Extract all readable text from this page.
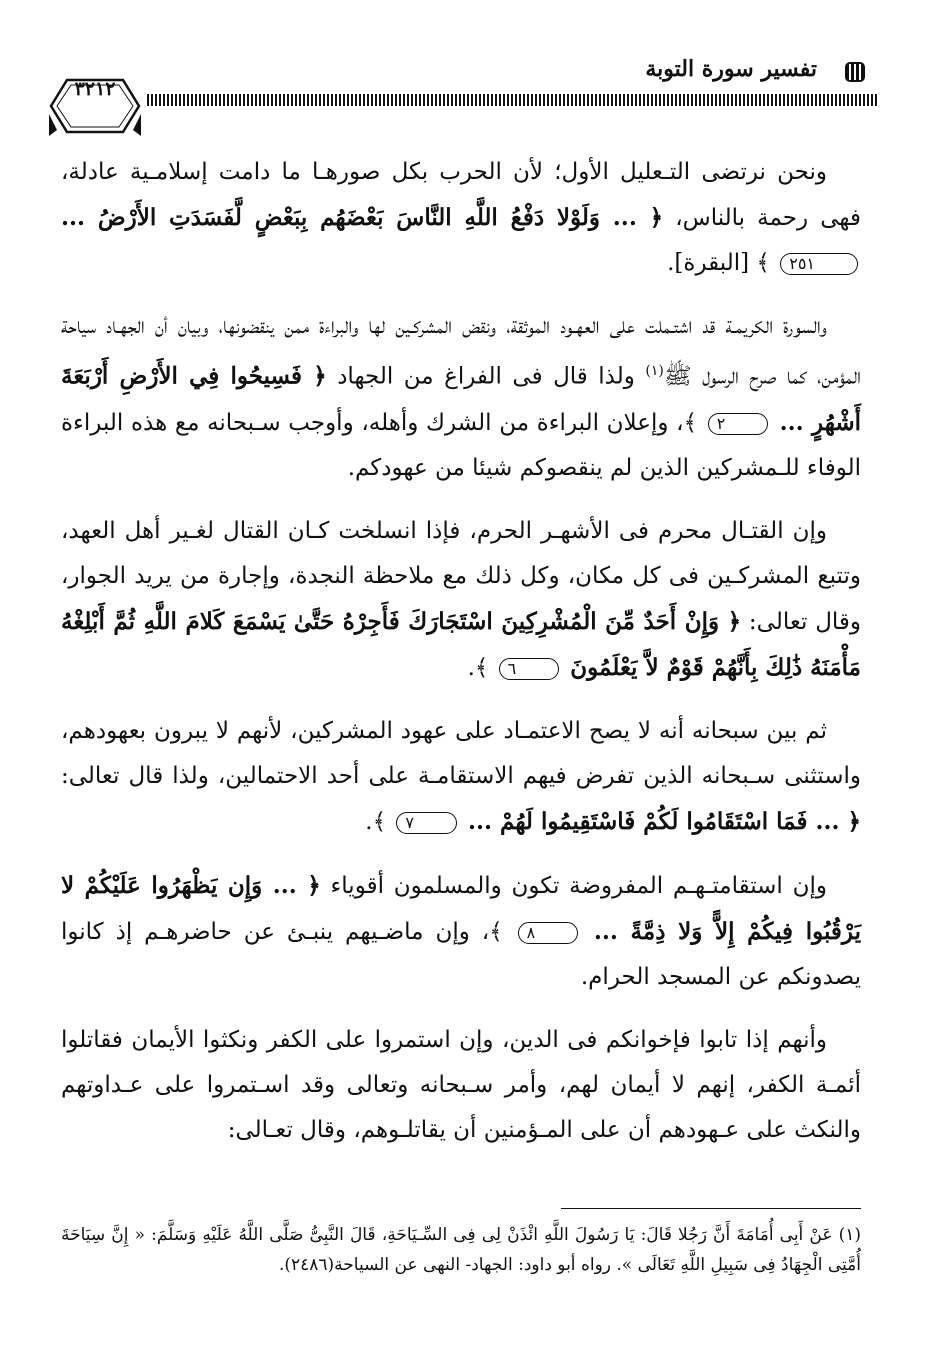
تفسير سورة التوبة
٣٢١٢

ونحن نرتضى التـعليل الأول؛ لأن الحرب بكل صورهـا ما دامت إسلامـية عادلة، فهى رحمة بالناس، ﴿ ... وَلَوْلا دَفْعُ اللَّهِ النَّاسَ بَعْضَهُم بِبَعْضٍ لَّفَسَدَتِ الأَرْضُ ... ٢٥١ ﴾ [البقرة].

والسورة الكريمـة قد اشتـملت على العهـود الموثقة، ونقض المشركـين لها والبراءة ممن ينقضونها، وبيان أن الجهـاد سياحة المؤمن، كما صرح الرسول ﷺ$^{(١)}$ ولذا قال فى الفراغ من الجهاد ﴿ فَسِيحُوا فِي الأَرْضِ أَرْبَعَةَ أَشْهُرٍ ... ٢ ﴾، وإعلان البراءة من الشرك وأهله، وأوجب سـبحانه مع هذه البراءة الوفاء للـمشركين الذين لم ينقصوكم شيئا من عهودكم.

وإن القتـال محرم فى الأشهـر الحرم، فإذا انسلخت كـان القتال لغـير أهل العهد، وتتبع المشركـين فى كل مكان، وكل ذلك مع ملاحظة النجدة، وإجارة من يريد الجوار، وقال تعالى: ﴿ وَإِنْ أَحَدٌ مِّنَ الْمُشْرِكِينَ اسْتَجَارَكَ فَأَجِرْهُ حَتَّىٰ يَسْمَعَ كَلامَ اللَّهِ ثُمَّ أَبْلِغْهُ مَأْمَنَهُ ذَٰلِكَ بِأَنَّهُمْ قَوْمٌ لاَّ يَعْلَمُونَ ٦ ﴾.

ثم بين سبحانه أنه لا يصح الاعتمـاد على عهود المشركين، لأنهم لا يبرون بعهودهم، واستثنى سـبحانه الذين تفرض فيهم الاستقامـة على أحد الاحتمالين، ولذا قال تعالى: ﴿ ... فَمَا اسْتَقَامُوا لَكُمْ فَاسْتَقِيمُوا لَهُمْ ... ٧ ﴾.

وإن استقامتـهـم المفروضة تكون والمسلمون أقوياء ﴿ ... وَإِن يَظْهَرُوا عَلَيْكُمْ لا يَرْقُبُوا فِيكُمْ إِلاًّ وَلا ذِمَّةً ... ٨ ﴾، وإن ماضـيهم ينبـئ عن حاضرهـم إذ كانوا يصدونكم عن المسجد الحرام.

وأنهم إذا تابوا فإخوانكم فى الدين، وإن استمروا على الكفر ونكثوا الأيمان فقاتلوا أئمـة الكفر، إنهم لا أيمان لهم، وأمر سـبحانه وتعالى وقد اسـتمروا على عـداوتهم والنكث على عـهودهم أن على المـؤمنين أن يقاتلـوهم، وقال تعـالى:

(١) عَنْ أَبِى أُمَامَةَ أَنَّ رَجُلا قَالَ: يَا رَسُولَ اللَّهِ ائْذَنْ لِى فِى السِّـيَاحَةِ، قَالَ النَّبِىُّ صَلَّى اللَّهُ عَلَيْهِ وَسَلَّمَ: « إِنَّ سِيَاحَةَ أُمَّتِى الْجِهَادُ فِى سَبِيلِ اللَّهِ تَعَالَى ». رواه أبو داود: الجهاد- النهى عن السياحة(٢٤٨٦).
